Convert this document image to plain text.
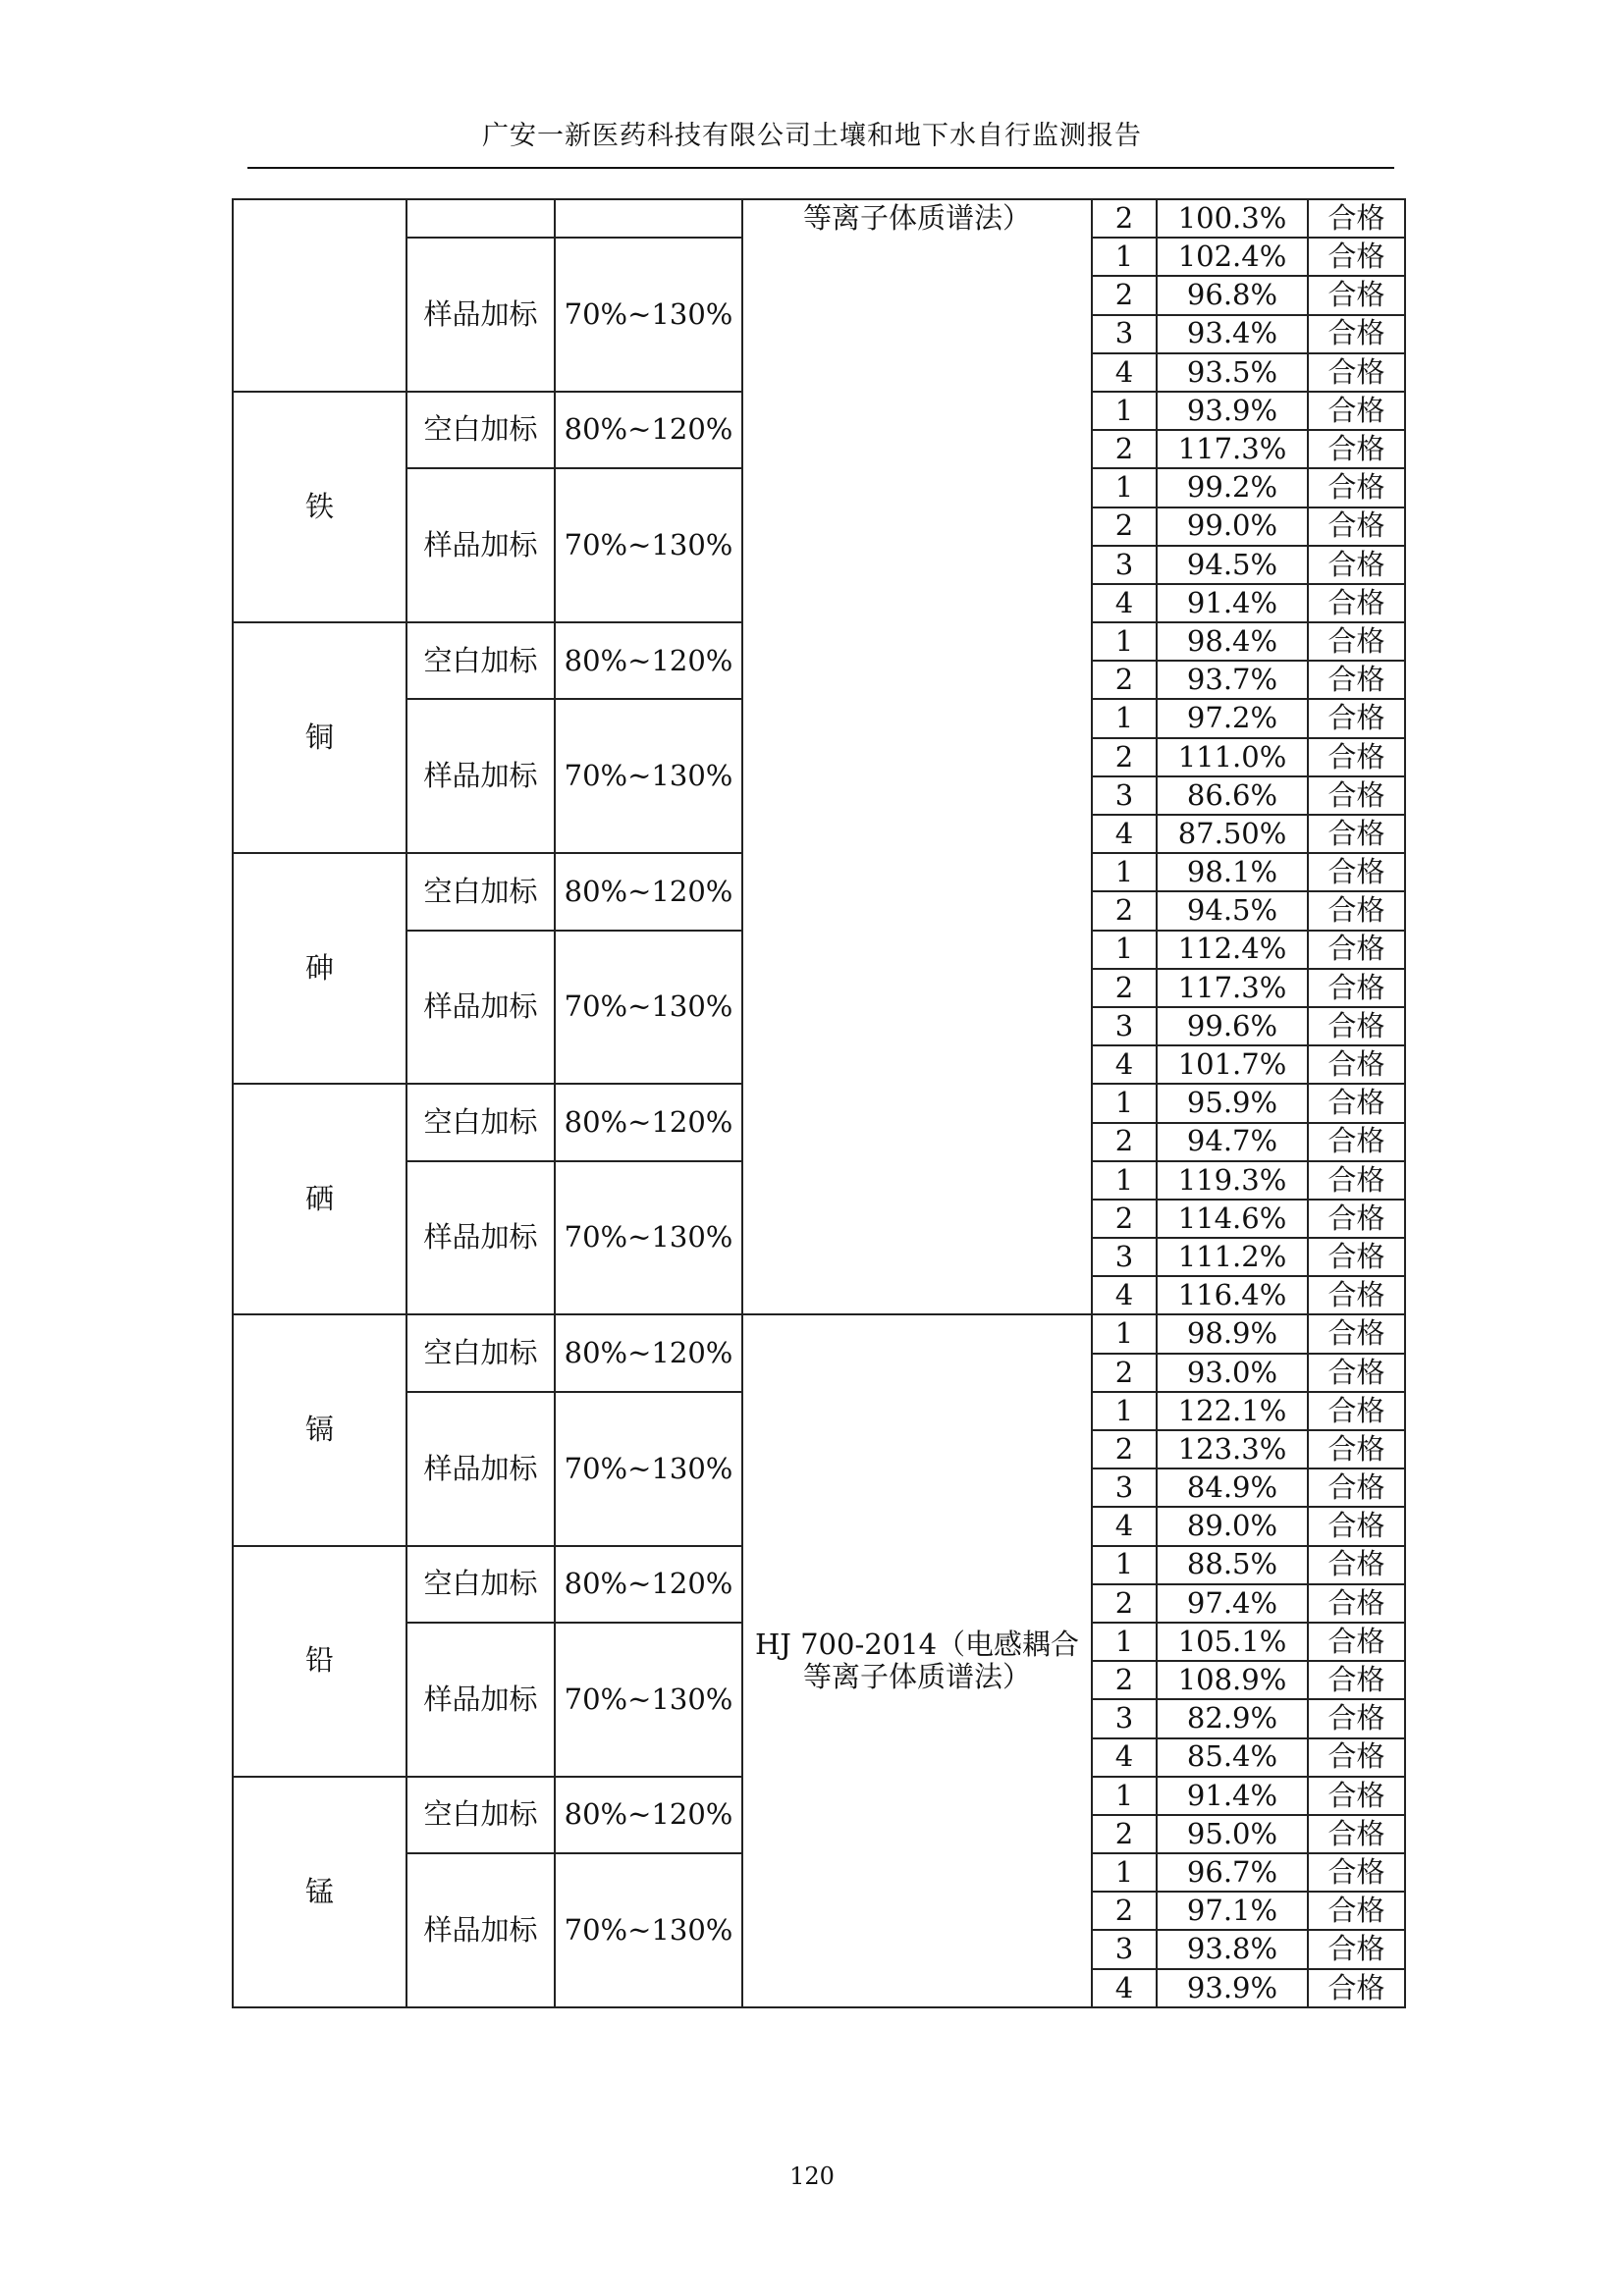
广安一新医药科技有限公司土壤和地下水自行监测报告
			等离子体质谱法）	2	100.3%	合格
	样品加标	70%~130%		1	102.4%	合格
				2	96.8%	合格
				3	93.4%	合格
				4	93.5%	合格
铁	空白加标	80%~120%		1	93.9%	合格
				2	117.3%	合格
	样品加标	70%~130%		1	99.2%	合格
				2	99.0%	合格
				3	94.5%	合格
				4	91.4%	合格
铜	空白加标	80%~120%		1	98.4%	合格
				2	93.7%	合格
	样品加标	70%~130%		1	97.2%	合格
				2	111.0%	合格
				3	86.6%	合格
				4	87.50%	合格
砷	空白加标	80%~120%		1	98.1%	合格
				2	94.5%	合格
	样品加标	70%~130%		1	112.4%	合格
				2	117.3%	合格
				3	99.6%	合格
				4	101.7%	合格
硒	空白加标	80%~120%		1	95.9%	合格
				2	94.7%	合格
	样品加标	70%~130%		1	119.3%	合格
				2	114.6%	合格
				3	111.2%	合格
				4	116.4%	合格
镉	空白加标	80%~120%	HJ 700-2014（电感耦合等离子体质谱法）	1	98.9%	合格
				2	93.0%	合格
	样品加标	70%~130%		1	122.1%	合格
				2	123.3%	合格
				3	84.9%	合格
				4	89.0%	合格
铅	空白加标	80%~120%		1	88.5%	合格
				2	97.4%	合格
	样品加标	70%~130%		1	105.1%	合格
				2	108.9%	合格
				3	82.9%	合格
				4	85.4%	合格
锰	空白加标	80%~120%		1	91.4%	合格
				2	95.0%	合格
	样品加标	70%~130%		1	96.7%	合格
				2	97.1%	合格
				3	93.8%	合格
				4	93.9%	合格
120
